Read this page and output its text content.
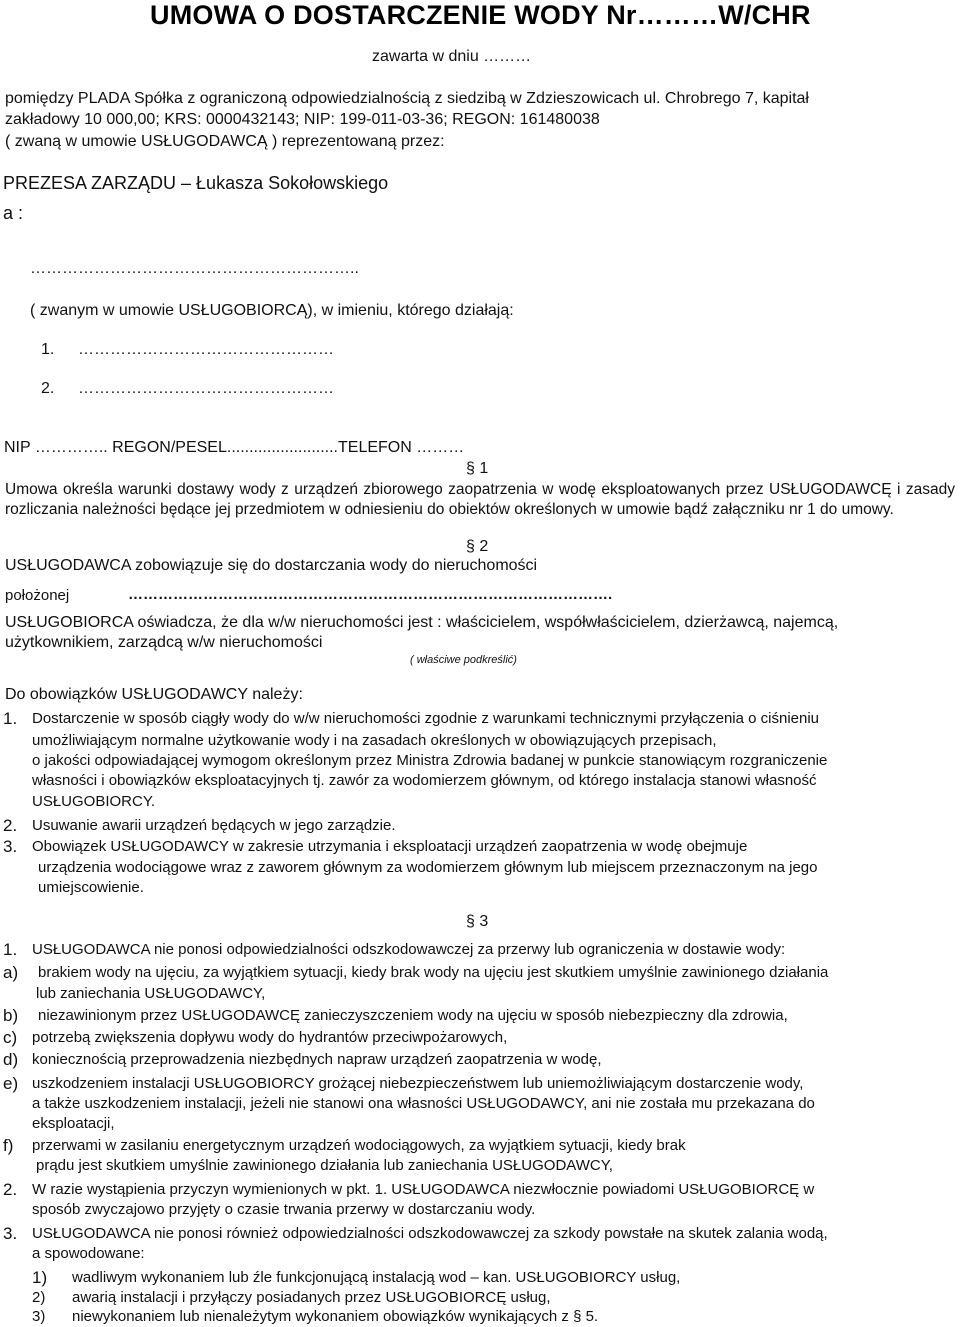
UMOWA O DOSTARCZENIE WODY Nr………W/CHR
zawarta w dniu ………
pomiędzy PLADA Spółka z ograniczoną odpowiedzialnością z siedzibą w Zdzieszowicach ul. Chrobrego 7, kapitał
zakładowy 10 000,00; KRS: 0000432143; NIP: 199-011-03-36; REGON: 161480038
( zwaną w umowie USŁUGODAWCĄ ) reprezentowaną przez:
PREZESA ZARZĄDU – Łukasza Sokołowskiego
a :
……………………………………………………..
( zwanym w umowie USŁUGOBIORCĄ), w imieniu, którego działają:
1. …………………………………………
2. …………………………………………
NIP ………….. REGON/PESEL.........................TELEFON ………
§ 1
Umowa określa warunki dostawy wody z urządzeń zbiorowego zaopatrzenia w wodę eksploatowanych przez USŁUGODAWCĘ i zasady rozliczania należności będące jej przedmiotem w odniesieniu do obiektów określonych w umowie bądź załączniku nr 1 do umowy.
§ 2
USŁUGODAWCA zobowiązuje się do dostarczania wody do nieruchomości
położonej	…………………………………………………………………………………….
USŁUGOBIORCA oświadcza, że dla w/w nieruchomości jest : właścicielem, współwłaścicielem, dzierżawcą, najemcą,
użytkownikiem, zarządcą w/w nieruchomości
( właściwe podkreślić)
Do obowiązków USŁUGODAWCY należy:
1. Dostarczenie w sposób ciągły wody do w/w nieruchomości zgodnie z warunkami technicznymi przyłączenia o ciśnieniu
umożliwiającym normalne użytkowanie wody i na zasadach określonych w obowiązujących przepisach,
o jakości odpowiadającej wymogom określonym przez Ministra Zdrowia badanej w punkcie stanowiącym rozgraniczenie
własności i obowiązków eksploatacyjnych tj. zawór za wodomierzem głównym, od którego instalacja stanowi własność
USŁUGOBIORCY.
2. Usuwanie awarii urządzeń będących w jego zarządzie.
3. Obowiązek USŁUGODAWCY w zakresie utrzymania i eksploatacji urządzeń zaopatrzenia w wodę obejmuje
urządzenia wodociągowe wraz z zaworem głównym za wodomierzem głównym lub miejscem przeznaczonym na jego
umiejscowienie.
§ 3
1. USŁUGODAWCA nie ponosi odpowiedzialności odszkodowawczej za przerwy lub ograniczenia w dostawie wody:
a) brakiem wody na ujęciu, za wyjątkiem sytuacji, kiedy brak wody na ujęciu jest skutkiem umyślnie zawinionego działania
lub zaniechania USŁUGODAWCY,
b) niezawinionym przez USŁUGODAWCĘ zanieczyszczeniem wody na ujęciu w sposób niebezpieczny dla zdrowia,
c) potrzebą zwiększenia dopływu wody do hydrantów przeciwpożarowych,
d) koniecznością przeprowadzenia niezbędnych napraw urządzeń zaopatrzenia w wodę,
e) uszkodzeniem instalacji USŁUGOBIORCY grożącej niebezpieczeństwem lub uniemożliwiającym dostarczenie wody,
a także uszkodzeniem instalacji, jeżeli nie stanowi ona własności USŁUGODAWCY, ani nie została mu przekazana do
eksploatacji,
f) przerwami w zasilaniu energetycznym urządzeń wodociągowych, za wyjątkiem sytuacji, kiedy brak
prądu jest skutkiem umyślnie zawinionego działania lub zaniechania USŁUGODAWCY,
2. W razie wystąpienia przyczyn wymienionych w pkt. 1. USŁUGODAWCA niezwłocznie powiadomi USŁUGOBIORCĘ w
sposób zwyczajowo przyjęty o czasie trwania przerwy w dostarczaniu wody.
3. USŁUGODAWCA nie ponosi również odpowiedzialności odszkodowawczej za szkody powstałe na skutek zalania wodą,
a spowodowane:
1) wadliwym wykonaniem lub źle funkcjonującą instalacją wod – kan. USŁUGOBIORCY usług,
2) awarią instalacji i przyłączy posiadanych przez USŁUGOBIORCĘ usług,
3) niewykonaniem lub nienależytym wykonaniem obowiązków wynikających z § 5.
